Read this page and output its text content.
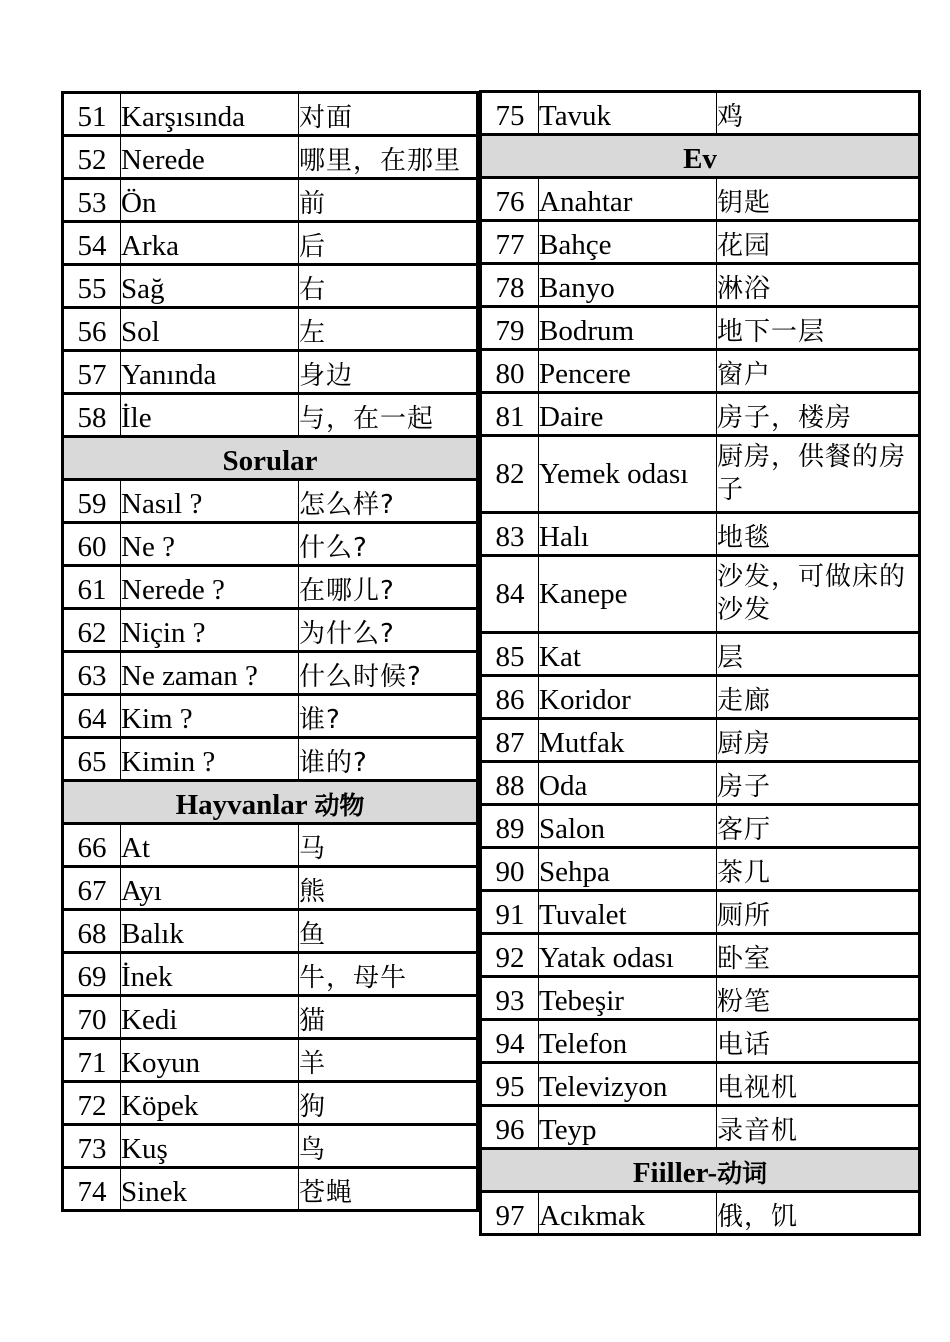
51	Karşısında	对面
52	Nerede	哪里，在那里
53	Ön	前
54	Arka	后
55	Sağ	右
56	Sol	左
57	Yanında	身边
58	İle	与，在一起
Sorular		
59	Nasıl ?	怎么样?
60	Ne ?	什么?
61	Nerede ?	在哪儿?
62	Niçin ?	为什么?
63	Ne zaman ?	什么时候?
64	Kim ?	谁?
65	Kimin ?	谁的?
Hayvanlar 动物		
66	At	马
67	Ayı	熊
68	Balık	鱼
69	İnek	牛，母牛
70	Kedi	猫
71	Koyun	羊
72	Köpek	狗
73	Kuş	鸟
74	Sinek	苍蝇
75	Tavuk	鸡
Ev		
76	Anahtar	钥匙
77	Bahçe	花园
78	Banyo	淋浴
79	Bodrum	地下一层
80	Pencere	窗户
81	Daire	房子，楼房
82	Yemek odası	厨房，供餐的房子
83	Halı	地毯
84	Kanepe	沙发，可做床的沙发
85	Kat	层
86	Koridor	走廊
87	Mutfak	厨房
88	Oda	房子
89	Salon	客厅
90	Sehpa	茶几
91	Tuvalet	厕所
92	Yatak odası	卧室
93	Tebeşir	粉笔
94	Telefon	电话
95	Televizyon	电视机
96	Teyp	录音机
Fiiller-动词		
97	Acıkmak	俄，饥
